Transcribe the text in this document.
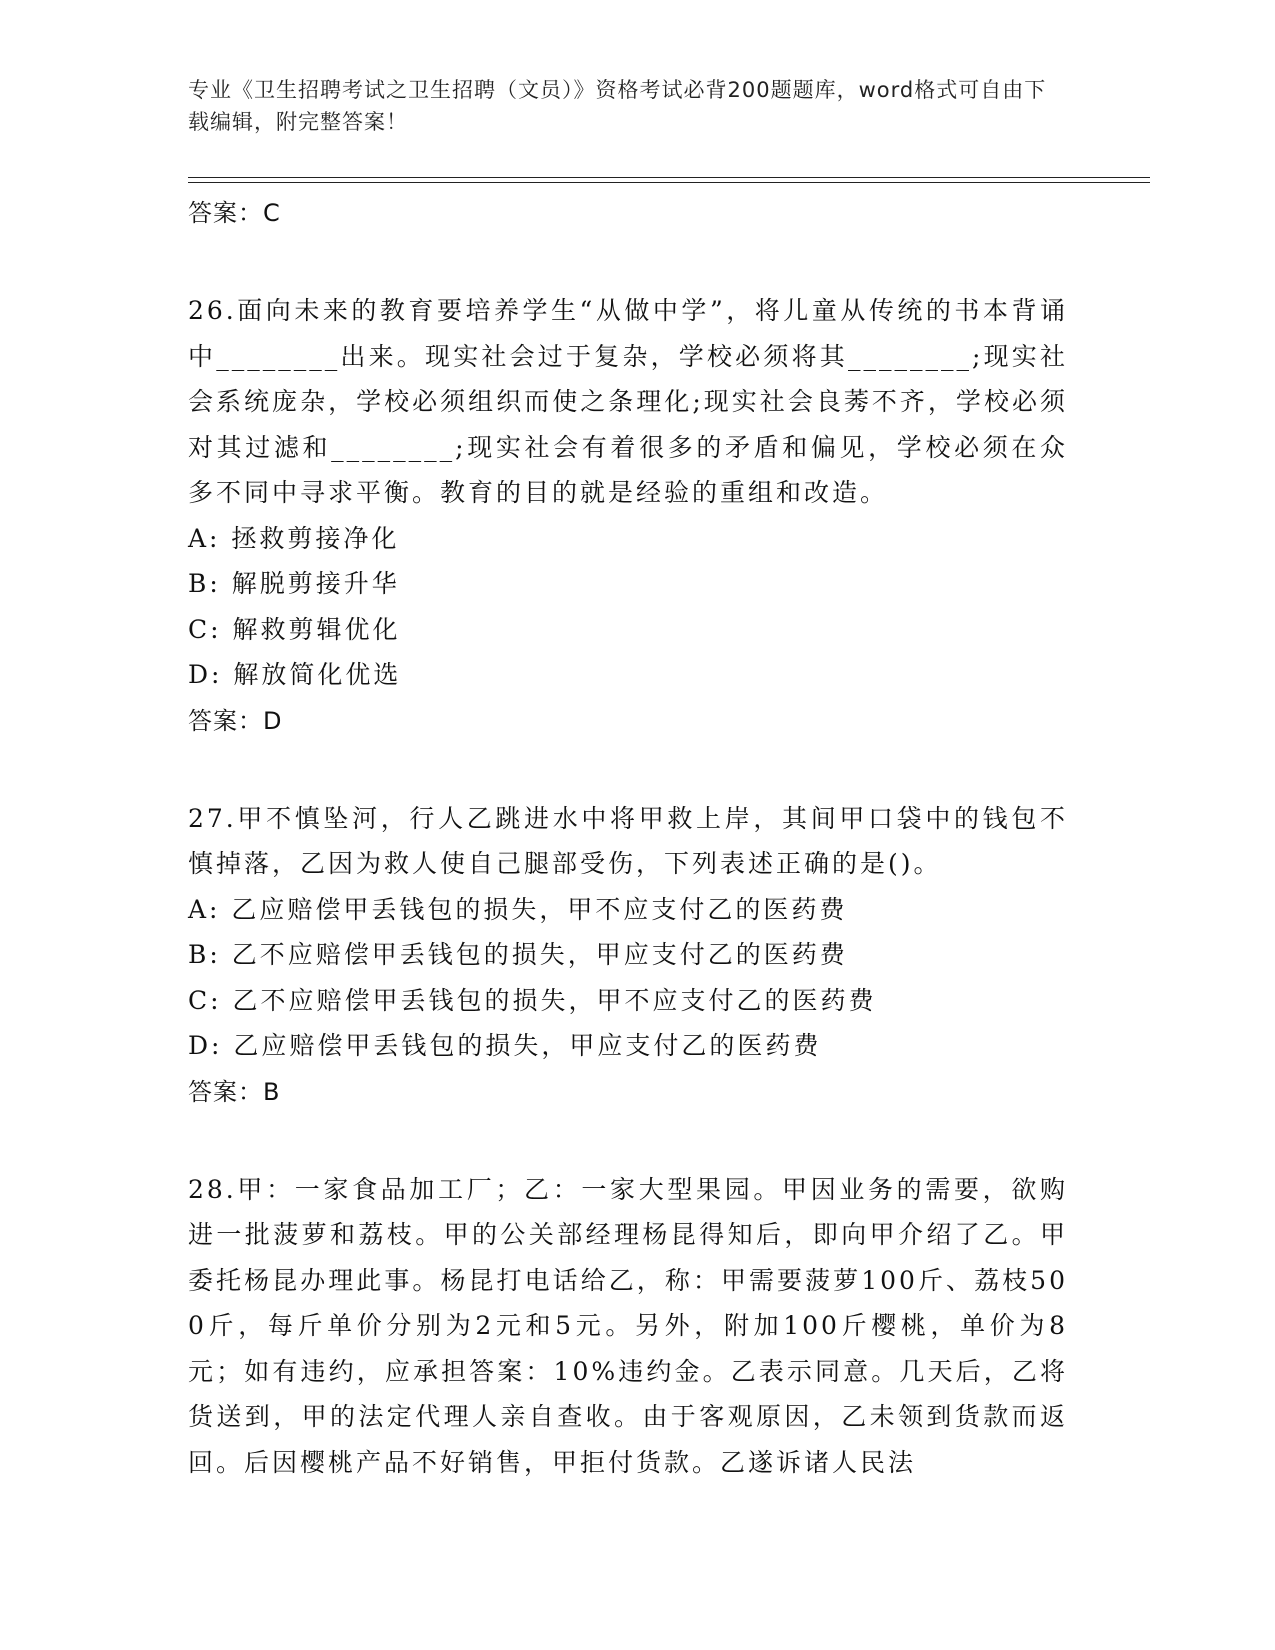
专业《卫生招聘考试之卫生招聘（文员）》资格考试必背200题题库，word格式可自由下载编辑，附完整答案！
答案：C
26.面向未来的教育要培养学生“从做中学”，将儿童从传统的书本背诵中________出来。现实社会过于复杂，学校必须将其________;现实社会系统庞杂，学校必须组织而使之条理化;现实社会良莠不齐，学校必须对其过滤和________;现实社会有着很多的矛盾和偏见，学校必须在众多不同中寻求平衡。教育的目的就是经验的重组和改造。
A: 拯救剪接净化
B: 解脱剪接升华
C: 解救剪辑优化
D: 解放简化优选
答案：D
27.甲不慎坠河，行人乙跳进水中将甲救上岸，其间甲口袋中的钱包不慎掉落，乙因为救人使自己腿部受伤，下列表述正确的是()。
A: 乙应赔偿甲丢钱包的损失，甲不应支付乙的医药费
B: 乙不应赔偿甲丢钱包的损失，甲应支付乙的医药费
C: 乙不应赔偿甲丢钱包的损失，甲不应支付乙的医药费
D: 乙应赔偿甲丢钱包的损失，甲应支付乙的医药费
答案：B
28.甲：一家食品加工厂；乙：一家大型果园。甲因业务的需要，欲购进一批菠萝和荔枝。甲的公关部经理杨昆得知后，即向甲介绍了乙。甲委托杨昆办理此事。杨昆打电话给乙，称：甲需要菠萝100斤、荔枝500斤，每斤单价分别为2元和5元。另外，附加100斤樱桃，单价为8元；如有违约，应承担答案：10%违约金。乙表示同意。几天后，乙将货送到，甲的法定代理人亲自查收。由于客观原因，乙未领到货款而返回。后因樱桃产品不好销售，甲拒付货款。乙遂诉诸人民法
